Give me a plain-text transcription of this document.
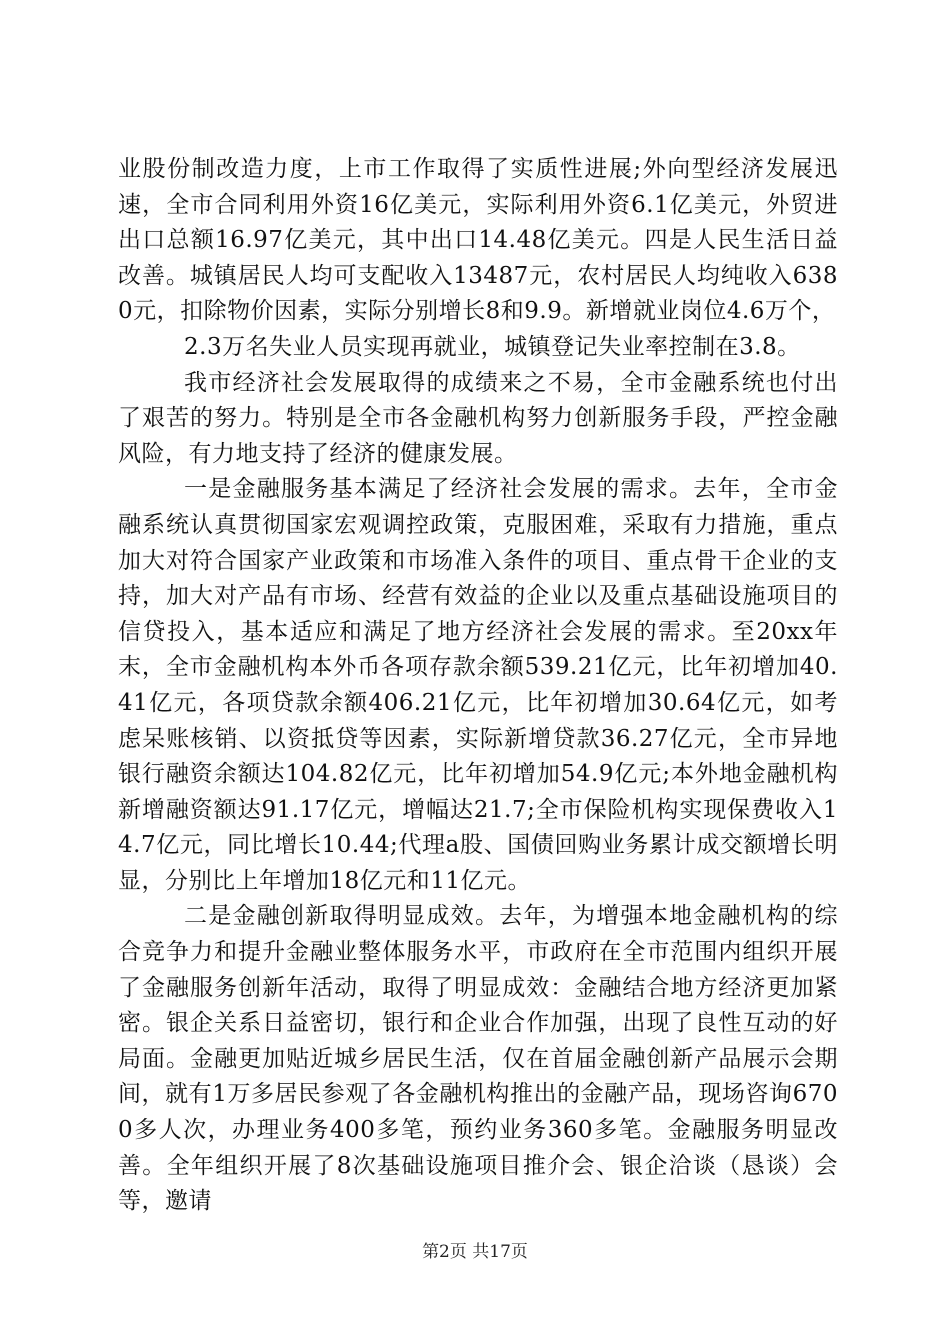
业股份制改造力度，上市工作取得了实质性进展;外向型经济发展迅速，全市合同利用外资16亿美元，实际利用外资6.1亿美元，外贸进出口总额16.97亿美元，其中出口14.48亿美元。四是人民生活日益改善。城镇居民人均可支配收入13487元，农村居民人均纯收入6380元，扣除物价因素，实际分别增长8和9.9。新增就业岗位4.6万个，

2.3万名失业人员实现再就业，城镇登记失业率控制在3.8。

我市经济社会发展取得的成绩来之不易，全市金融系统也付出了艰苦的努力。特别是全市各金融机构努力创新服务手段，严控金融风险，有力地支持了经济的健康发展。

一是金融服务基本满足了经济社会发展的需求。去年，全市金融系统认真贯彻国家宏观调控政策，克服困难，采取有力措施，重点加大对符合国家产业政策和市场准入条件的项目、重点骨干企业的支持，加大对产品有市场、经营有效益的企业以及重点基础设施项目的信贷投入，基本适应和满足了地方经济社会发展的需求。至20xx年末，全市金融机构本外币各项存款余额539.21亿元，比年初增加40.41亿元，各项贷款余额406.21亿元，比年初增加30.64亿元，如考虑呆账核销、以资抵贷等因素，实际新增贷款36.27亿元，全市异地银行融资余额达104.82亿元，比年初增加54.9亿元;本外地金融机构新增融资额达91.17亿元，增幅达21.7;全市保险机构实现保费收入14.7亿元，同比增长10.44;代理a股、国债回购业务累计成交额增长明显，分别比上年增加18亿元和11亿元。

二是金融创新取得明显成效。去年，为增强本地金融机构的综合竞争力和提升金融业整体服务水平，市政府在全市范围内组织开展了金融服务创新年活动，取得了明显成效：金融结合地方经济更加紧密。银企关系日益密切，银行和企业合作加强，出现了良性互动的好局面。金融更加贴近城乡居民生活，仅在首届金融创新产品展示会期间，就有1万多居民参观了各金融机构推出的金融产品，现场咨询6700多人次，办理业务400多笔，预约业务360多笔。金融服务明显改善。全年组织开展了8次基础设施项目推介会、银企洽谈（恳谈）会等，邀请

第2页 共17页
